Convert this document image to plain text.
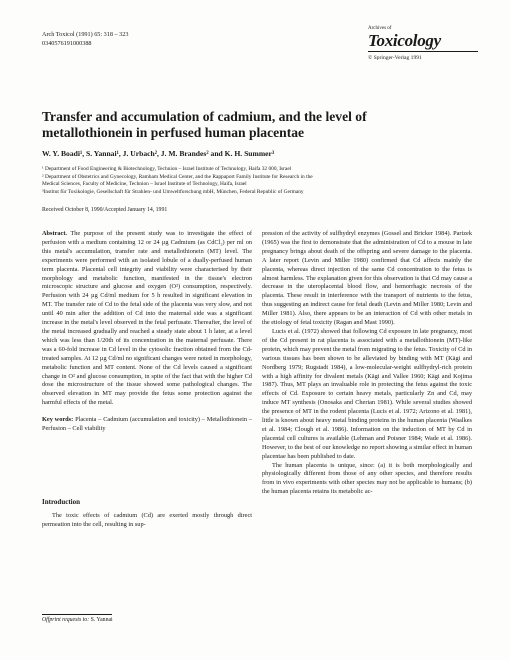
Arch Toxicol (1991) 65: 318 – 323
0340576191000388
Archives of
Toxicology
© Springer-Verlag 1991
Transfer and accumulation of cadmium, and the level of metallothionein in perfused human placentae
W. Y. Boadi¹, S. Yannai¹, J. Urbach², J. M. Brandes² and K. H. Summer³
¹ Department of Food Engineering & Biotechnology, Technion – Israel Institute of Technology, Haifa 32 000, Israel
² Department of Obstetrics and Gynecology, Rambam Medical Center, and the Rappaport Family Institute for Research in the
Medical Sciences, Faculty of Medicine, Technion – Israel Institute of Technology, Haifa, Israel
³Institut für Toxikologie, Gesellschaft für Strahlen- und Umweltforschung mbH, München, Federal Republic of Germany
Received October 8, 1990/Accepted January 14, 1991
Abstract. The purpose of the present study was to investigate the effect of perfusion with a medium containing 12 or 24 µg Cadmium (as CdCl₂) per ml on this metal's accumulation, transfer rate and metallothionein (MT) level. The experiments were performed with an isolated lobule of a dually-perfused human term placenta. Placental cell integrity and viability were characterised by their morphology and metabolic function, manifested in the tissue's electron microscopic structure and glucose and oxygen (O²) consumption, respectively. Perfusion with 24 µg Cd/ml medium for 5 h resulted in significant elevation in MT. The transfer rate of Cd to the fetal side of the placenta was very slow, and not until 40 min after the addition of Cd into the maternal side was a significant increase in the metal's level observed in the fetal perfusate. Thereafter, the level of the metal increased gradually and reached a steady state about 1 h later, at a level which was less than 1/20th of its concentration in the maternal perfusate. There was a 60-fold increase in Cd level in the cytosolic fraction obtained from the Cd-treated samples. At 12 µg Cd/ml no significant changes were noted in morphology, metabolic function and MT content. None of the Cd levels caused a significant change in O² and glucose consumption, in spite of the fact that with the higher Cd dose the microstructure of the tissue showed some pathological changes. The observed elevation in MT may provide the fetus some protection against the harmful effects of the metal.
Key words: Placenta – Cadmium (accumulation and toxicity) – Metallothionein – Perfusion – Cell viability
Introduction

The toxic effects of cadmium (Cd) are exerted mostly through direct permeation into the cell, resulting in sup-

pression of the activity of sulfhydryl enzymes (Gossel and Bricker 1984). Parizek (1965) was the first to demonstrate that the administration of Cd to a mouse in late pregnancy brings about death of the offspring and severe damage to the placenta. A later report (Levin and Miller 1980) confirmed that Cd affects mainly the placenta, whereas direct injection of the same Cd concentration to the fetus is almost harmless. The explanation given for this observation is that Cd may cause a decrease in the uteroplacental blood flow, and hemorrhagic necrosis of the placenta. These result in interference with the transport of nutrients to the fetus, thus suggesting an indirect cause for fetal death (Levin and Miller 1980; Levin and Miller 1981). Also, there appears to be an interaction of Cd with other metals in the etiology of fetal toxicity (Ragan and Mast 1990).

Lucis et al. (1972) showed that following Cd exposure in late pregnancy, most of the Cd present in rat placenta is associated with a metallothionein (MT)-like protein, which may prevent the metal from migrating to the fetus. Toxicity of Cd in various tissues has been shown to be alleviated by binding with MT (Kägi and Nordberg 1979; Rugstadt 1984), a low-molecular-weight sulfhydryl-rich protein with a high affinity for divalent metals (Kägi and Vallee 1960; Kägi and Kojima 1987). Thus, MT plays an invaluable role in protecting the fetus against the toxic effects of Cd. Exposure to certain heavy metals, particularly Zn and Cd, may induce MT synthesis (Onosaka and Cherian 1981). While several studies showed the presence of MT in the rodent placenta (Lucis et al. 1972; Arizono et al. 1981), little is known about heavy metal binding proteins in the human placenta (Waalkes et al. 1984; Clough et al. 1986). Information on the induction of MT by Cd in placental cell cultures is available (Lehman and Poisner 1984; Wade et al. 1986). However, to the best of our knowledge no report showing a similar effect in human placentae has been published to date.

The human placenta is unique, since: (a) it is both morphologically and physiologically different from those of any other species, and therefore results from in vivo experiments with other species may not be applicable to humans; (b) the human placenta retains its metabolic ac-

Offprint requests to: S. Yannai
